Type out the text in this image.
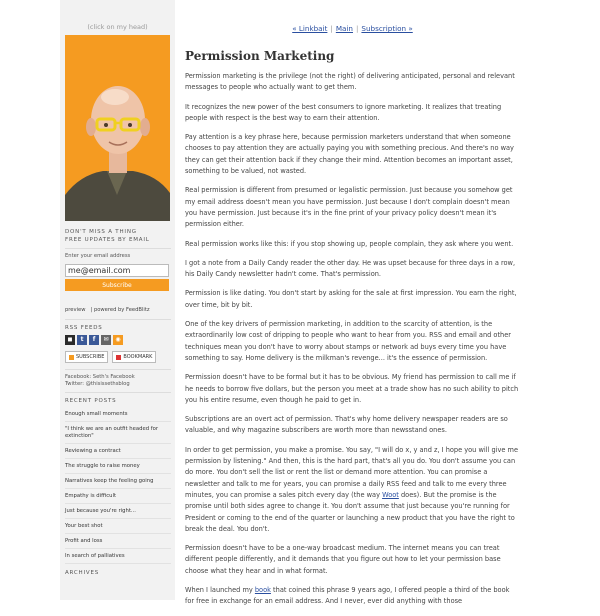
(click on my head)
DON'T MISS A THING
FREE UPDATES BY EMAIL
Enter your email address
me@email.com
Subscribe
preview | powered by FeedBlitz
RSS FEEDS
◼	t	f	✉	◉
SUBSCRIBE	BOOKMARK
Facebook: Seth's Facebook
Twitter: @thisissethsblog
RECENT POSTS
Enough small moments
"I think we are an outfit headed for extinction"
Reviewing a contract
The struggle to raise money
Narratives keep the feeling going
Empathy is difficult
Just because you're right...
Your best shot
Profit and loss
In search of palliatives
ARCHIVES
« Linkbait | Main | Subscription »
Permission Marketing

Permission marketing is the privilege (not the right) of delivering anticipated, personal and relevant messages to people who actually want to get them.

It recognizes the new power of the best consumers to ignore marketing. It realizes that treating people with respect is the best way to earn their attention.

Pay attention is a key phrase here, because permission marketers understand that when someone chooses to pay attention they are actually paying you with something precious. And there's no way they can get their attention back if they change their mind. Attention becomes an important asset, something to be valued, not wasted.

Real permission is different from presumed or legalistic permission. Just because you somehow get my email address doesn't mean you have permission. Just because I don't complain doesn't mean you have permission. Just because it's in the fine print of your privacy policy doesn't mean it's permission either.

Real permission works like this: if you stop showing up, people complain, they ask where you went.

I got a note from a Daily Candy reader the other day. He was upset because for three days in a row, his Daily Candy newsletter hadn't come. That's permission.

Permission is like dating. You don't start by asking for the sale at first impression. You earn the right, over time, bit by bit.

One of the key drivers of permission marketing, in addition to the scarcity of attention, is the extraordinarily low cost of dripping to people who want to hear from you. RSS and email and other techniques mean you don't have to worry about stamps or network ad buys every time you have something to say. Home delivery is the milkman's revenge... it's the essence of permission.

Permission doesn't have to be formal but it has to be obvious. My friend has permission to call me if he needs to borrow five dollars, but the person you meet at a trade show has no such ability to pitch you his entire resume, even though he paid to get in.

Subscriptions are an overt act of permission. That's why home delivery newspaper readers are so valuable, and why magazine subscribers are worth more than newsstand ones.

In order to get permission, you make a promise. You say, "I will do x, y and z, I hope you will give me permission by listening." And then, this is the hard part, that's all you do. You don't assume you can do more. You don't sell the list or rent the list or demand more attention. You can promise a newsletter and talk to me for years, you can promise a daily RSS feed and talk to me every three minutes, you can promise a sales pitch every day (the way Woot does). But the promise is the promise until both sides agree to change it. You don't assume that just because you're running for President or coming to the end of the quarter or launching a new product that you have the right to break the deal. You don't.

Permission doesn't have to be a one-way broadcast medium. The internet means you can treat different people differently, and it demands that you figure out how to let your permission base choose what they hear and in what format.

When I launched my book that coined this phrase 9 years ago, I offered people a third of the book for free in exchange for an email address. And I never, ever did anything with those
